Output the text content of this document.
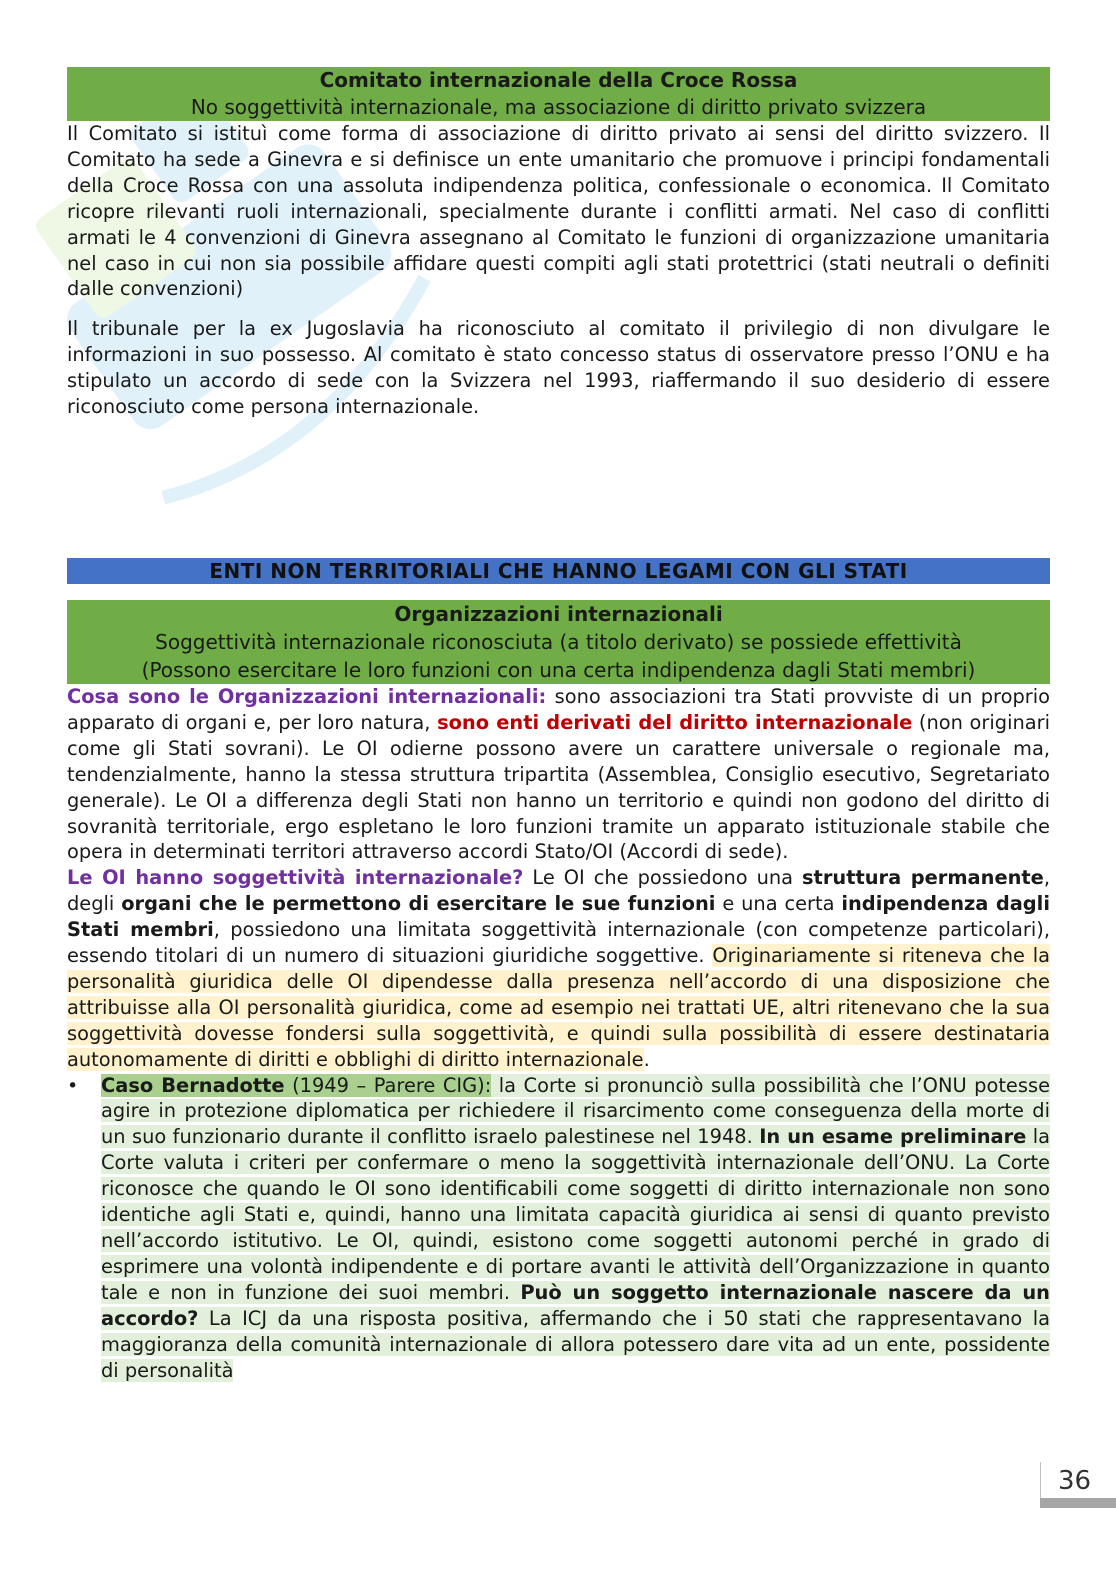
Comitato internazionale della Croce Rossa
No soggettività internazionale, ma associazione di diritto privato svizzera

Il Comitato si istituì come forma di associazione di diritto privato ai sensi del diritto svizzero. Il Comitato ha sede a Ginevra e si definisce un ente umanitario che promuove i principi fondamentali della Croce Rossa con una assoluta indipendenza politica, confessionale o economica. Il Comitato ricopre rilevanti ruoli internazionali, specialmente durante i conflitti armati. Nel caso di conflitti armati le 4 convenzioni di Ginevra assegnano al Comitato le funzioni di organizzazione umanitaria nel caso in cui non sia possibile affidare questi compiti agli stati protettrici (stati neutrali o definiti dalle convenzioni)

Il tribunale per la ex Jugoslavia ha riconosciuto al comitato il privilegio di non divulgare le informazioni in suo possesso. Al comitato è stato concesso status di osservatore presso l’ONU e ha stipulato un accordo di sede con la Svizzera nel 1993, riaffermando il suo desiderio di essere riconosciuto come persona internazionale.

ENTI NON TERRITORIALI CHE HANNO LEGAMI CON GLI STATI
Organizzazioni internazionali
Soggettività internazionale riconosciuta (a titolo derivato) se possiede effettività
(Possono esercitare le loro funzioni con una certa indipendenza dagli Stati membri)

Cosa sono le Organizzazioni internazionali: sono associazioni tra Stati provviste di un proprio apparato di organi e, per loro natura, sono enti derivati del diritto internazionale (non originari come gli Stati sovrani). Le OI odierne possono avere un carattere universale o regionale ma, tendenzialmente, hanno la stessa struttura tripartita (Assemblea, Consiglio esecutivo, Segretariato generale). Le OI a differenza degli Stati non hanno un territorio e quindi non godono del diritto di sovranità territoriale, ergo espletano le loro funzioni tramite un apparato istituzionale stabile che opera in determinati territori attraverso accordi Stato/OI (Accordi di sede).

Le OI hanno soggettività internazionale? Le OI che possiedono una struttura permanente, degli organi che le permettono di esercitare le sue funzioni e una certa indipendenza dagli Stati membri, possiedono una limitata soggettività internazionale (con competenze particolari), essendo titolari di un numero di situazioni giuridiche soggettive. Originariamente si riteneva che la personalità giuridica delle OI dipendesse dalla presenza nell’accordo di una disposizione che attribuisse alla OI personalità giuridica, come ad esempio nei trattati UE, altri ritenevano che la sua soggettività dovesse fondersi sulla soggettività, e quindi sulla possibilità di essere destinataria autonomamente di diritti e obblighi di diritto internazionale.

• Caso Bernadotte (1949 – Parere CIG): la Corte si pronunciò sulla possibilità che l’ONU potesse agire in protezione diplomatica per richiedere il risarcimento come conseguenza della morte di un suo funzionario durante il conflitto israelo palestinese nel 1948. In un esame preliminare la Corte valuta i criteri per confermare o meno la soggettività internazionale dell’ONU. La Corte riconosce che quando le OI sono identificabili come soggetti di diritto internazionale non sono identiche agli Stati e, quindi, hanno una limitata capacità giuridica ai sensi di quanto previsto nell’accordo istitutivo. Le OI, quindi, esistono come soggetti autonomi perché in grado di esprimere una volontà indipendente e di portare avanti le attività dell’Organizzazione in quanto tale e non in funzione dei suoi membri. Può un soggetto internazionale nascere da un accordo? La ICJ da una risposta positiva, affermando che i 50 stati che rappresentavano la maggioranza della comunità internazionale di allora potessero dare vita ad un ente, possidente di personalità

36
